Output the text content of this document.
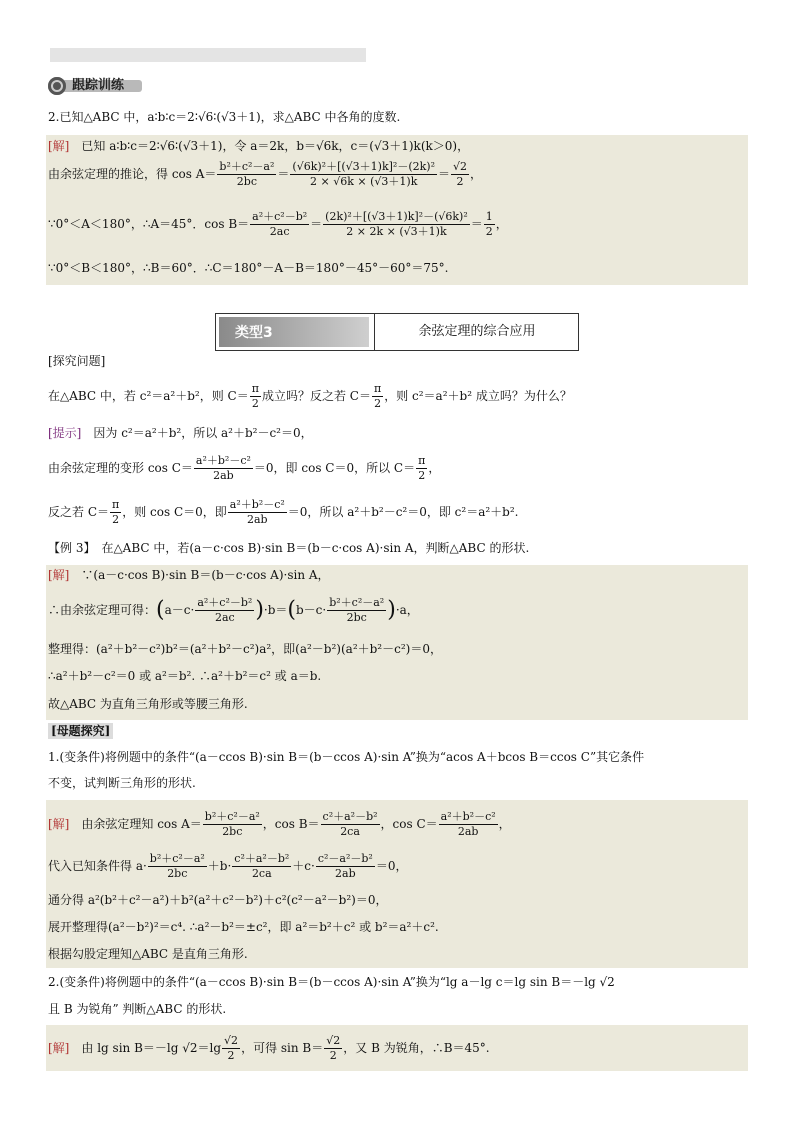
跟踪训练
2.已知△ABC 中，a∶b∶c＝2∶√6∶(√3＋1)，求△ABC 中各角的度数.
[解]　 已知 a∶b∶c＝2∶√6∶(√3＋1)，令 a＝2k，b＝√6k，c＝(√3＋1)k(k＞0)，
由余弦定理的推论，得 $\cos A= \frac{\text{b²＋c²－a²}}{2bc} = \frac{\text{(√6k)²＋[(√3＋1)k]²－(2k)²}}{2 \times √6k \times (√3+1)k} = \frac{√2}{2}$ ，
∵0°＜A＜180°，∴A＝45°．$\cos B= \frac{\text{a²＋c²－b²}}{2ac} = \frac{\text{(2k)²＋[(√3＋1)k]²－(√6k)²}}{2 \times 2k \times (√3+1)k} = \frac{1}{2}$ ，
∵0°＜B＜180°，∴B＝60°．∴C＝180°－A－B＝180°－45°－60°＝75°.
类型3	余弦定理的综合应用
[探究问题]
在△ABC 中，若 c²＝a²＋b²，则 $C= \frac{\pi}{2}$ 成立吗？反之若 $C= \frac{\pi}{2}$ ，则 c²＝a²＋b² 成立吗？为什么？
[提示]　 因为 c²＝a²＋b²，所以 a²＋b²－c²＝0，
由余弦定理的变形 $\cos C= \frac{\text{a²＋b²－c²}}{2ab} =0$，即 cos C＝0，所以 $C= \frac{\pi}{2}$ ，
反之若 $C= \frac{\pi}{2}$ ，则 cos C＝0，即 $\frac{\text{a²＋b²－c²}}{2ab} =0$，所以 a²＋b²－c²＝0，即 c²＝a²＋b².
【例 3】　在△ABC 中，若(a－c·cos B)·sin B＝(b－c·cos A)·sin A，判断△ABC 的形状.
[解]　 ∵(a－c·cos B)·sin B＝(b－c·cos A)·sin A，
∴由余弦定理可得：$(a-c\cdot \frac{\text{a²＋c²－b²}}{2ac} )\cdot b=(b-c\cdot \frac{\text{b²＋c²－a²}}{2bc} )\cdot a$，
整理得：(a²＋b²－c²)b²＝(a²＋b²－c²)a²，即(a²－b²)(a²＋b²－c²)＝0，
∴a²＋b²－c²＝0 或 a²＝b². ∴a²＋b²＝c² 或 a＝b.
故△ABC 为直角三角形或等腰三角形.
[母题探究]
1.(变条件)将例题中的条件“(a－ccos B)·sin B＝(b－ccos A)·sin A”换为“acos A＋bcos B＝ccos C”其它条件
不变，试判断三角形的形状.
[解]　 由余弦定理知 $\cos A= \frac{\text{b²＋c²－a²}}{2bc}$ ，$\cos B= \frac{\text{c²＋a²－b²}}{2ca}$ ，$\cos C= \frac{\text{a²＋b²－c²}}{2ab}$ ，
代入已知条件得 $a\cdot \frac{\text{b²＋c²－a²}}{2bc} +b\cdot \frac{\text{c²＋a²－b²}}{2ca} +c\cdot \frac{\text{c²－a²－b²}}{2ab} =0$，
通分得 a²(b²＋c²－a²)＋b²(a²＋c²－b²)＋c²(c²－a²－b²)＝0，
展开整理得(a²－b²)²＝c⁴. ∴a²－b²＝±c²，即 a²＝b²＋c² 或 b²＝a²＋c².
根据勾股定理知△ABC 是直角三角形.
2.(变条件)将例题中的条件“(a－ccos B)·sin B＝(b－ccos A)·sin A”换为“lg a－lg c＝lg sin B＝－lg √2
且 B 为锐角” 判断△ABC 的形状.
[解]　 由 lg sin B＝－lg $√2=\lg \frac{√2}{2}$ ，可得 $\sin B= \frac{√2}{2}$ ，又 B 为锐角，∴B＝45°.
